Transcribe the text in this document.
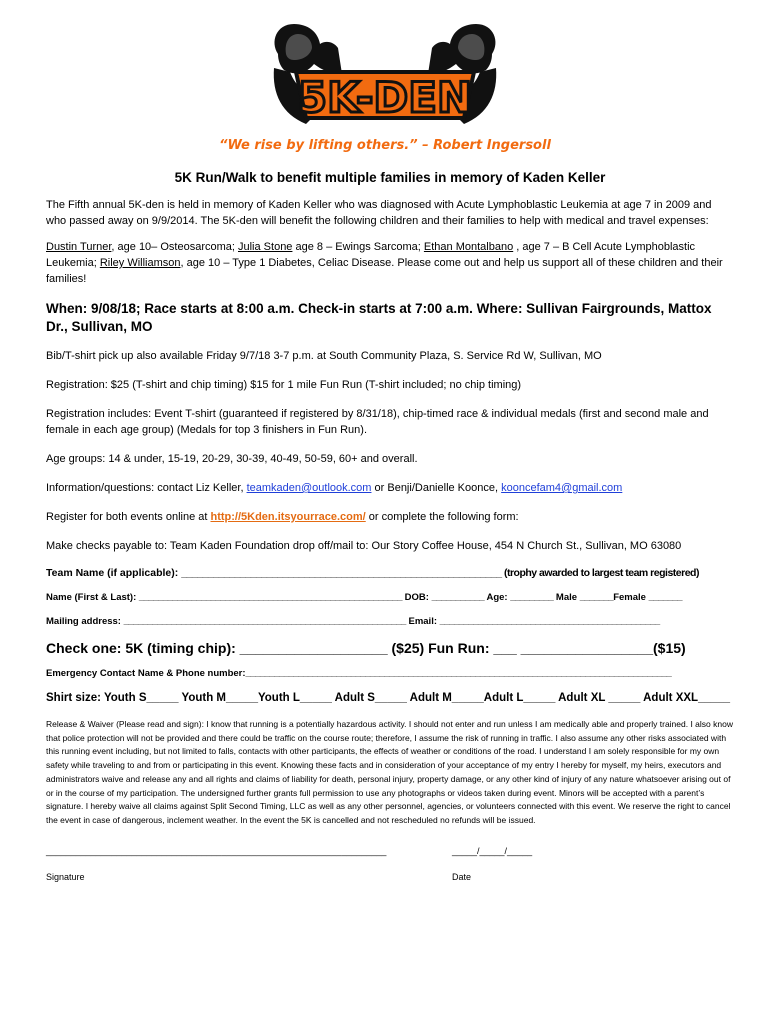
5K-DEN
“We rise by lifting others.” – Robert Ingersoll
5K Run/Walk to benefit multiple families in memory of Kaden Keller

The Fifth annual 5K-den is held in memory of Kaden Keller who was diagnosed with Acute Lymphoblastic Leukemia at age 7 in 2009 and who passed away on 9/9/2014. The 5K-den will benefit the following children and their families to help with medical and travel expenses:

Dustin Turner, age 10– Osteosarcoma; Julia Stone age 8 – Ewings Sarcoma; Ethan Montalbano , age 7 – B Cell Acute Lymphoblastic Leukemia; Riley Williamson, age 10 – Type 1 Diabetes, Celiac Disease. Please come out and help us support all of these children and their families!

When: 9/08/18; Race starts at 8:00 a.m. Check-in starts at 7:00 a.m. Where: Sullivan Fairgrounds, Mattox Dr., Sullivan, MO

Bib/T-shirt pick up also available Friday 9/7/18 3-7 p.m. at South Community Plaza, S. Service Rd W, Sullivan, MO

Registration: $25 (T-shirt and chip timing) $15 for 1 mile Fun Run (T-shirt included; no chip timing)

Registration includes: Event T-shirt (guaranteed if registered by 8/31/18), chip-timed race & individual medals (first and second male and female in each age group) (Medals for top 3 finishers in Fun Run).

Age groups: 14 & under, 15-19, 20-29, 30-39, 40-49, 50-59, 60+ and overall.

Information/questions: contact Liz Keller, teamkaden@outlook.com or Benji/Danielle Koonce, kooncefam4@gmail.com

Register for both events online at http://5Kden.itsyourrace.com/ or complete the following form:

Make checks payable to: Team Kaden Foundation drop off/mail to: Our Story Coffee House, 454 N Church St., Sullivan, MO 63080

Team Name (if applicable): ____________________________________________________________ (trophy awarded to largest team registered)
Name (First & Last): _______________________________________________________ DOB: ___________ Age: _________ Male _______Female _______
Mailing address: ___________________________________________________________ Email: ______________________________________________
Check one: 5K (timing chip): ___________________ ($25) Fun Run: ___ _________________($15)
Emergency Contact Name & Phone number:_________________________________________________________________________________________
Shirt size: Youth S_____ Youth M_____Youth L_____ Adult S_____ Adult M_____Adult L_____ Adult XL _____ Adult XXL_____

Release & Waiver (Please read and sign): I know that running is a potentially hazardous activity. I should not enter and run unless I am medically able and properly trained. I also know that police protection will not be provided and there could be traffic on the course route; therefore, I assume the risk of running in traffic. I also assume any other risks associated with this running event including, but not limited to falls, contacts with other participants, the effects of weather or conditions of the road. I understand I am solely responsible for my own safety while traveling to and from or participating in this event. Knowing these facts and in consideration of your acceptance of my entry I hereby for myself, my heirs, executors and administrators waive and release any and all rights and claims of liability for death, personal injury, property damage, or any other kind of injury of any nature whatsoever arising out of or in the course of my participation. The undersigned further grants full permission to use any photographs or videos taken during event. Minors will be accepted with a parent’s signature. I hereby waive all claims against Split Second Timing, LLC as well as any other personnel, agencies, or volunteers connected with this event. We reserve the right to cancel the event in case of dangerous, inclement weather. In the event the 5K is cancelled and not rescheduled no refunds will be issued.

____________________________________________________________________	_____/_____/_____
Signature	Date
